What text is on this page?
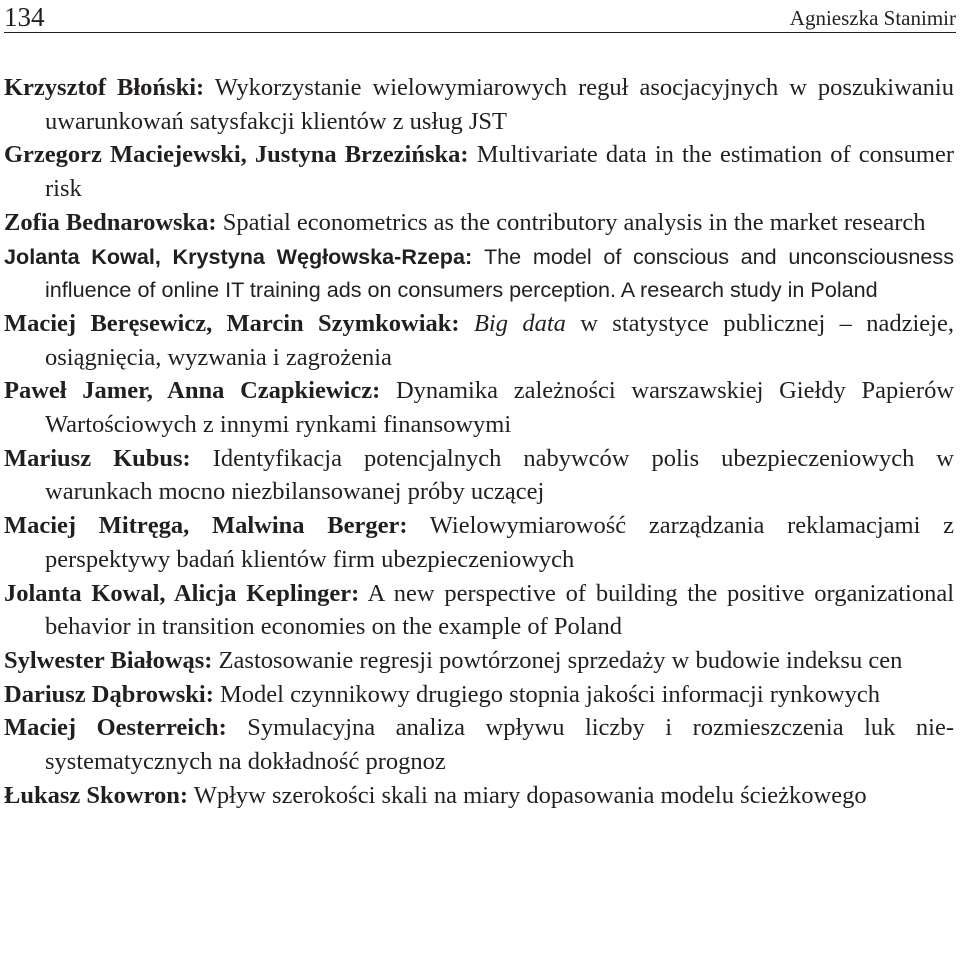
134	Agnieszka Stanimir
Krzysztof Błoński: Wykorzystanie wielowymiarowych reguł asocjacyjnych w poszukiwaniu uwarunkowań satysfakcji klientów z usług JST
Grzegorz Maciejewski, Justyna Brzezińska: Multivariate data in the estimation of consumer risk
Zofia Bednarowska: Spatial econometrics as the contributory analysis in the market research
Jolanta Kowal, Krystyna Węgłowska-Rzepa: The model of conscious and unconsciousness influence of online IT training ads on consumers perception. A research study in Poland
Maciej Beręsewicz, Marcin Szymkowiak: Big data w statystyce publicznej – nadzieje, osiągnięcia, wyzwania i zagrożenia
Paweł Jamer, Anna Czapkiewicz: Dynamika zależności warszawskiej Giełdy Papierów Wartościowych z innymi rynkami finansowymi
Mariusz Kubus: Identyfikacja potencjalnych nabywców polis ubezpieczeniowych w warunkach mocno niezbilansowanej próby uczącej
Maciej Mitręga, Malwina Berger: Wielowymiarowość zarządzania reklamacjami z perspektywy badań klientów firm ubezpieczeniowych
Jolanta Kowal, Alicja Keplinger: A new perspective of building the positive organizational behavior in transition economies on the example of Poland
Sylwester Białowąs: Zastosowanie regresji powtórzonej sprzedaży w budowie indeksu cen
Dariusz Dąbrowski: Model czynnikowy drugiego stopnia jakości informacji rynkowych
Maciej Oesterreich: Symulacyjna analiza wpływu liczby i rozmieszczenia luk niesystematycznych na dokładność prognoz
Łukasz Skowron: Wpływ szerokości skali na miary dopasowania modelu ścieżkowego
